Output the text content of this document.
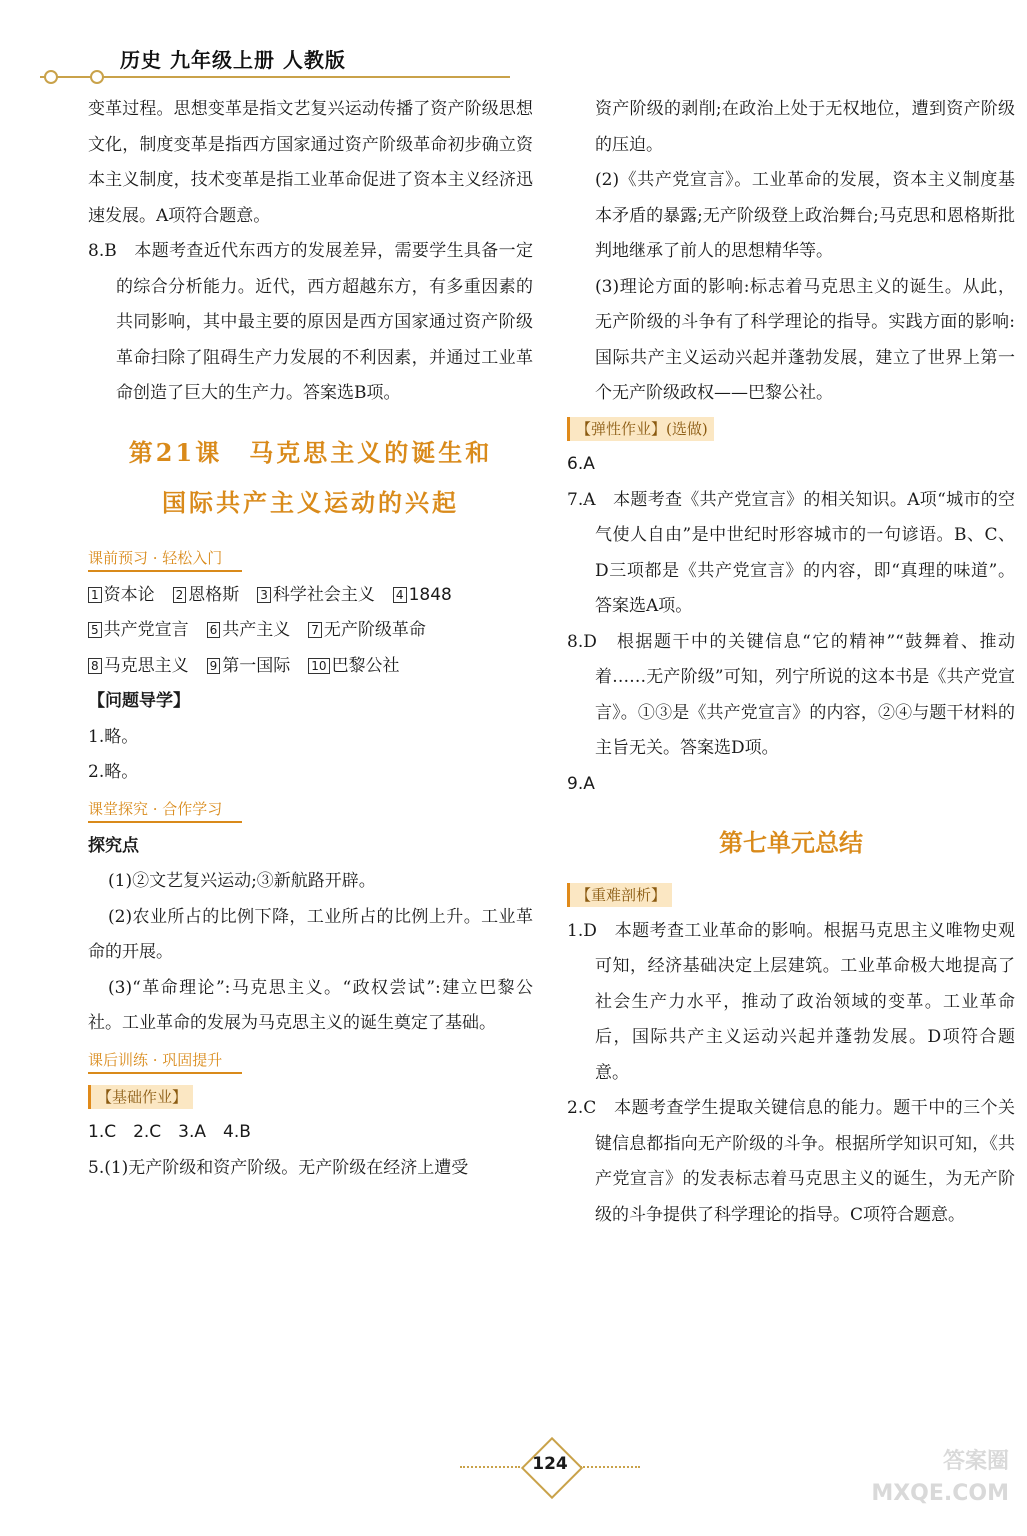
历史 九年级上册 人教版

变革过程。思想变革是指文艺复兴运动传播了资产阶级思想文化，制度变革是指西方国家通过资产阶级革命初步确立资本主义制度，技术变革是指工业革命促进了资本主义经济迅速发展。A项符合题意。

8.B　本题考查近代东西方的发展差异，需要学生具备一定的综合分析能力。近代，西方超越东方，有多重因素的共同影响，其中最主要的原因是西方国家通过资产阶级革命扫除了阻碍生产力发展的不利因素，并通过工业革命创造了巨大的生产力。答案选B项。

第21课　马克思主义的诞生和
国际共产主义运动的兴起
课前预习 · 轻松入门
1 资本论 2 恩格斯 3 科学社会主义 4 1848
5 共产党宣言 6 共产主义 7 无产阶级革命
8 马克思主义 9 第一国际 10 巴黎公社
【问题导学】

1.略。

2.略。

课堂探究 · 合作学习
探究点

(1)②文艺复兴运动;③新航路开辟。

(2)农业所占的比例下降，工业所占的比例上升。工业革命的开展。

(3)“革命理论”:马克思主义。“政权尝试”:建立巴黎公社。工业革命的发展为马克思主义的诞生奠定了基础。

课后训练 · 巩固提升
【基础作业】

1.C　2.C　3.A　4.B

5.(1)无产阶级和资产阶级。无产阶级在经济上遭受

资产阶级的剥削;在政治上处于无权地位，遭到资产阶级的压迫。

(2)《共产党宣言》。工业革命的发展，资本主义制度基本矛盾的暴露;无产阶级登上政治舞台;马克思和恩格斯批判地继承了前人的思想精华等。

(3)理论方面的影响:标志着马克思主义的诞生。从此，无产阶级的斗争有了科学理论的指导。实践方面的影响:国际共产主义运动兴起并蓬勃发展，建立了世界上第一个无产阶级政权——巴黎公社。

【弹性作业】(选做)

6.A

7.A　本题考查《共产党宣言》的相关知识。A项“城市的空气使人自由”是中世纪时形容城市的一句谚语。B、C、D三项都是《共产党宣言》的内容，即“真理的味道”。答案选A项。

8.D　根据题干中的关键信息“它的精神”“鼓舞着、推动着……无产阶级”可知，列宁所说的这本书是《共产党宣言》。①③是《共产党宣言》的内容，②④与题干材料的主旨无关。答案选D项。

9.A

第七单元总结
【重难剖析】

1.D　本题考查工业革命的影响。根据马克思主义唯物史观可知，经济基础决定上层建筑。工业革命极大地提高了社会生产力水平，推动了政治领域的变革。工业革命后，国际共产主义运动兴起并蓬勃发展。D项符合题意。

2.C　本题考查学生提取关键信息的能力。题干中的三个关键信息都指向无产阶级的斗争。根据所学知识可知，《共产党宣言》的发表标志着马克思主义的诞生，为无产阶级的斗争提供了科学理论的指导。C项符合题意。

124	答案圈
MXQE.COM
